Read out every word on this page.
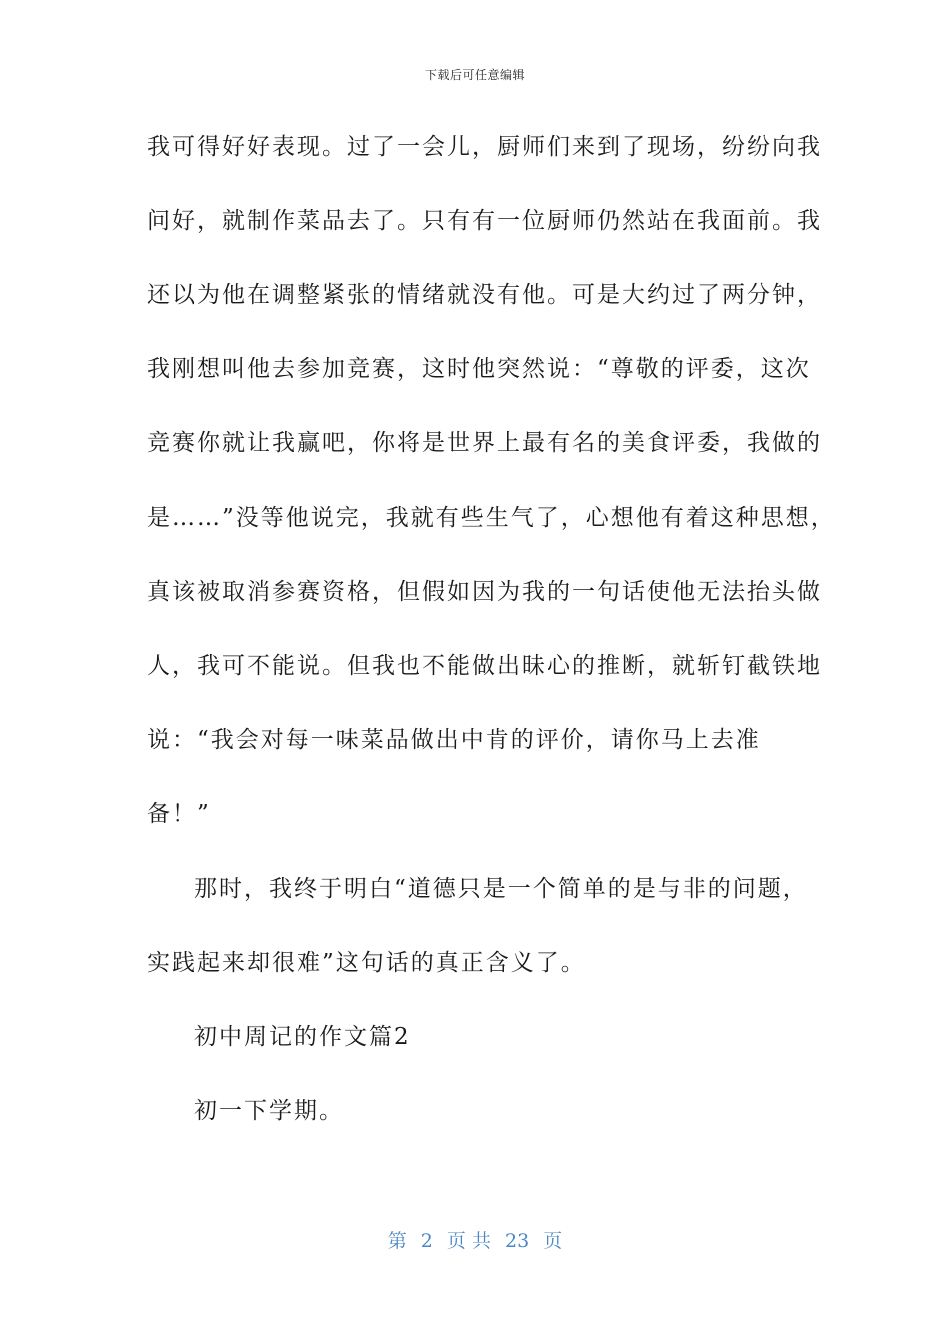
下载后可任意编辑
我可得好好表现。过了一会儿，厨师们来到了现场，纷纷向我
问好，就制作菜品去了。只有有一位厨师仍然站在我面前。我
还以为他在调整紧张的情绪就没有他。可是大约过了两分钟，
我刚想叫他去参加竞赛，这时他突然说：“尊敬的评委，这次
竞赛你就让我赢吧，你将是世界上最有名的美食评委，我做的
是……”没等他说完，我就有些生气了，心想他有着这种思想，
真该被取消参赛资格，但假如因为我的一句话使他无法抬头做
人，我可不能说。但我也不能做出昧心的推断，就斩钉截铁地
说：“我会对每一味菜品做出中肯的评价，请你马上去准
备！”
那时，我终于明白“道德只是一个简单的是与非的问题，
实践起来却很难”这句话的真正含义了。
初中周记的作文篇2
初一下学期。
第 2 页 共 23 页
